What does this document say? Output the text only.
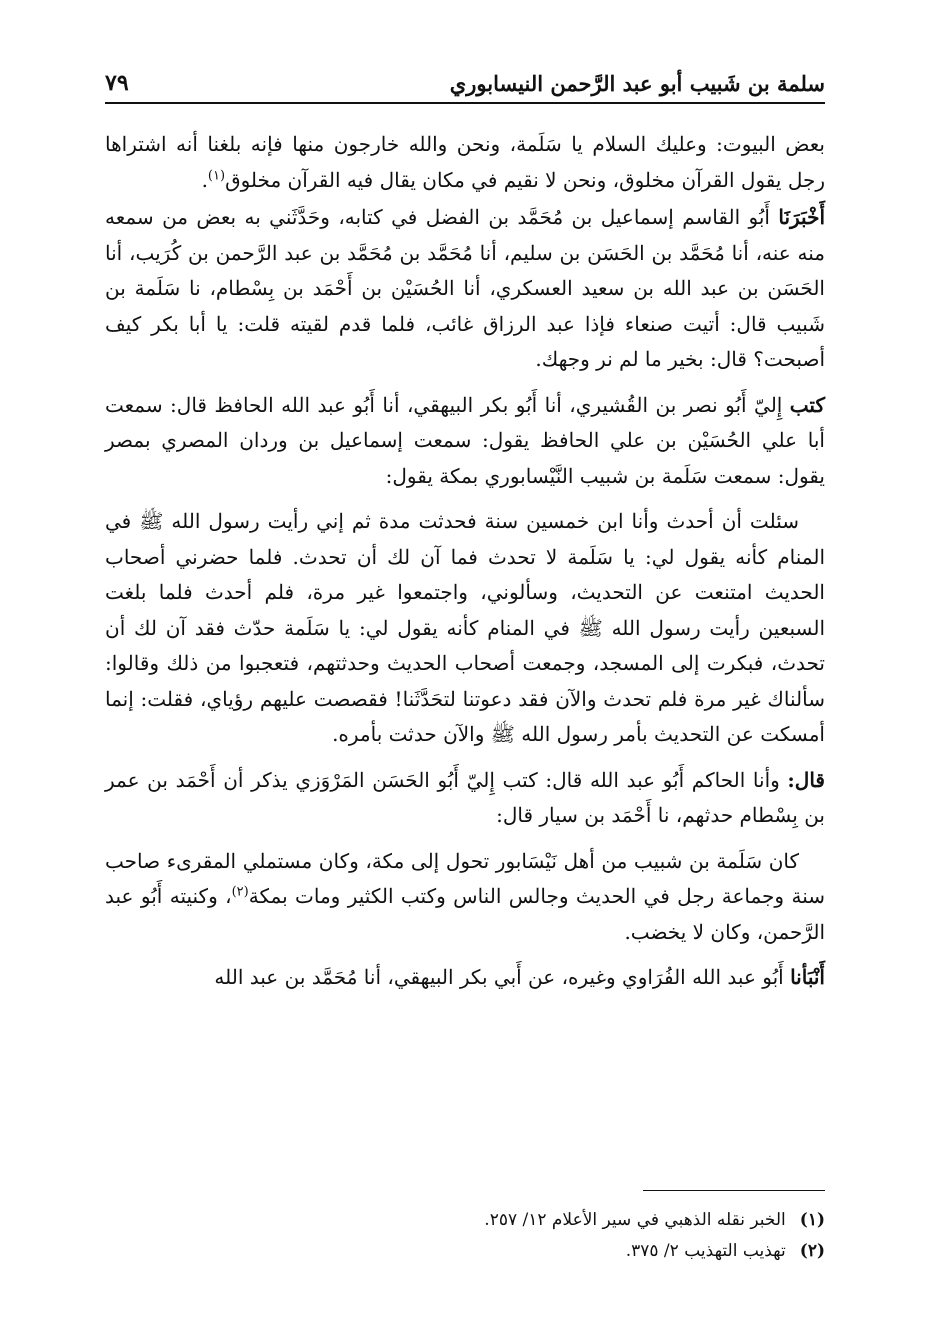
سلمة بن شَبيب أبو عبد الرَّحمن النيسابوري
٧٩

بعض البيوت: وعليك السلام يا سَلَمة، ونحن والله خارجون منها فإنه بلغنا أنه اشتراها رجل يقول القرآن مخلوق، ونحن لا نقيم في مكان يقال فيه القرآن مخلوق$^{(١)}$.

أَخْبَرَنَا أَبُو القاسم إسماعيل بن مُحَمَّد بن الفضل في كتابه، وحَدَّثَني به بعض من سمعه منه عنه، أنا مُحَمَّد بن الحَسَن بن سليم، أنا مُحَمَّد بن مُحَمَّد بن عبد الرَّحمن بن كُرَيب، أنا الحَسَن بن عبد الله بن سعيد العسكري، أنا الحُسَيْن بن أَحْمَد بن بِسْطام، نا سَلَمة بن شَبيب قال: أتيت صنعاء فإذا عبد الرزاق غائب، فلما قدم لقيته قلت: يا أبا بكر كيف أصبحت؟ قال: بخير ما لم نر وجهك.

كتب إِليّ أَبُو نصر بن القُشيري، أنا أَبُو بكر البيهقي، أنا أَبُو عبد الله الحافظ قال: سمعت أبا علي الحُسَيْن بن علي الحافظ يقول: سمعت إسماعيل بن وردان المصري بمصر يقول: سمعت سَلَمة بن شبيب النَّيْسابوري بمكة يقول:

سئلت أن أحدث وأنا ابن خمسين سنة فحدثت مدة ثم إني رأيت رسول الله ﷺ في المنام كأنه يقول لي: يا سَلَمة لا تحدث فما آن لك أن تحدث. فلما حضرني أصحاب الحديث امتنعت عن التحديث، وسألوني، واجتمعوا غير مرة، فلم أحدث فلما بلغت السبعين رأيت رسول الله ﷺ في المنام كأنه يقول لي: يا سَلَمة حدّث فقد آن لك أن تحدث، فبكرت إلى المسجد، وجمعت أصحاب الحديث وحدثتهم، فتعجبوا من ذلك وقالوا: سألناك غير مرة فلم تحدث والآن فقد دعوتنا لتحَدَّثَنا! فقصصت عليهم رؤياي، فقلت: إنما أمسكت عن التحديث بأمر رسول الله ﷺ والآن حدثت بأمره.

قال: وأنا الحاكم أَبُو عبد الله قال: كتب إِليّ أَبُو الحَسَن المَرْوَزي يذكر أن أَحْمَد بن عمر بن بِسْطام حدثهم، نا أَحْمَد بن سيار قال:

كان سَلَمة بن شبيب من أهل نَيْسَابور تحول إلى مكة، وكان مستملي المقرىء صاحب سنة وجماعة رجل في الحديث وجالس الناس وكتب الكثير ومات بمكة$^{(٢)}$، وكنيته أَبُو عبد الرَّحمن، وكان لا يخضب.

أَنْبَأنا أَبُو عبد الله الفُرَاوي وغيره، عن أَبي بكر البيهقي، أنا مُحَمَّد بن عبد الله

(١)
الخبر نقله الذهبي في سير الأعلام ١٢/ ٢٥٧.
(٢)
تهذيب التهذيب ٢/ ٣٧٥.
